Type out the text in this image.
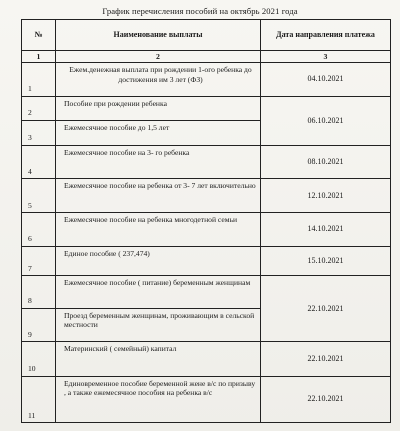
График перечисления пособий на октябрь 2021 года
№	Наименование выплаты	Дата направления платежа
1	2	3
1	Ежем.денежная выплата при рождении 1-ого ребенка до достижения им 3 лет (ФЗ)	04.10.2021
2	Пособие при рождении ребенка	06.10.2021
3	Ежемесячное пособие до 1,5 лет	
4	Ежемесячное пособие на 3- го ребенка	08.10.2021
5	Ежемесячное пособие на ребенка от 3- 7 лет включительно	12.10.2021
6	Ежемесячное пособие на ребенка многодетной семьи	14.10.2021
7	Единое пособие ( 237,474)	15.10.2021
8	Ежемесячное пособие ( питание) беременным женщинам	22.10.2021
9	Проезд беременным женщинам, проживающим в сельской местности	
10	Материнский ( семейный) капитал	22.10.2021
11	Единовременное пособие беременной жене в/с по призыву , а также ежемесячное пособия на ребенка в/с	22.10.2021
